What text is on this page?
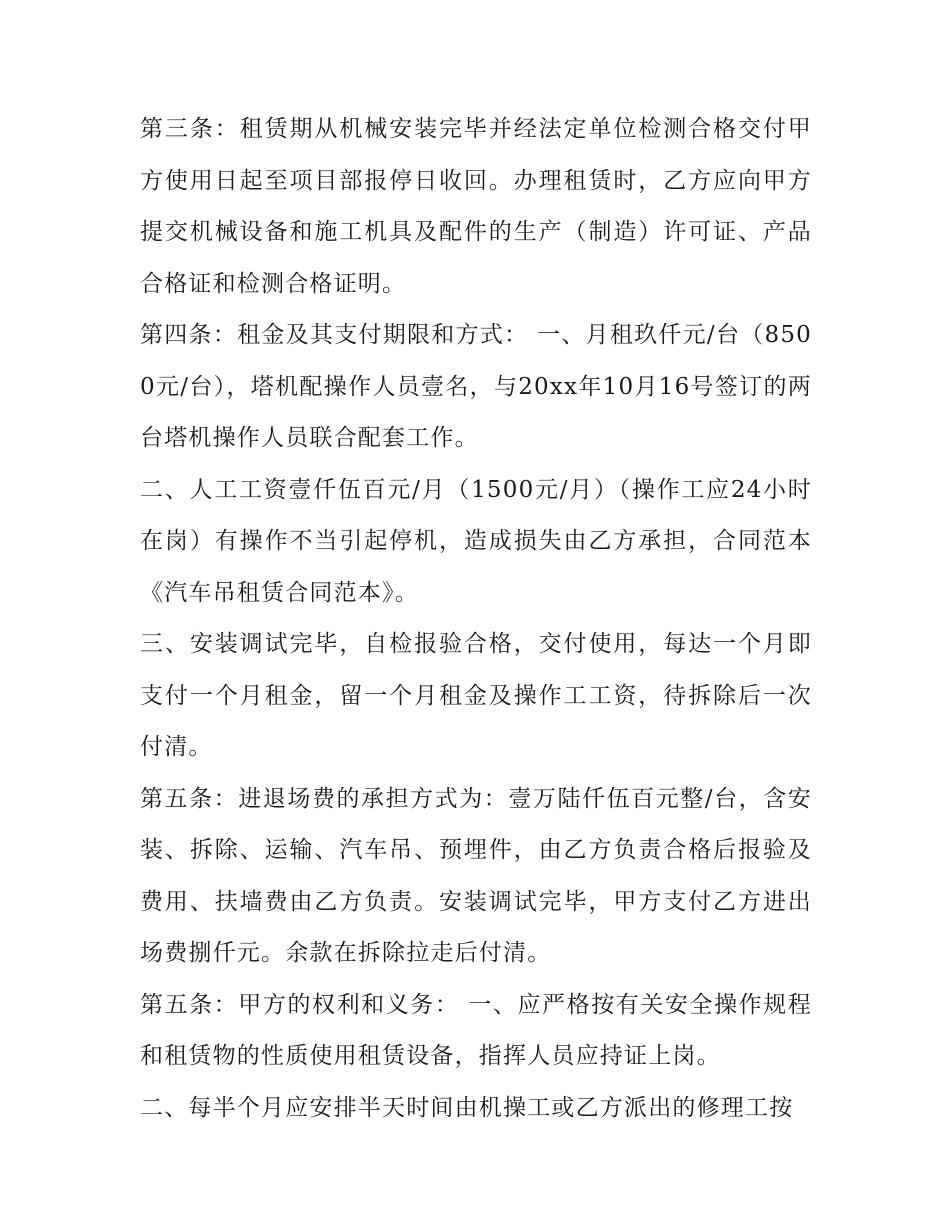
第三条：租赁期从机械安装完毕并经法定单位检测合格交付甲方使用日起至项目部报停日收回。办理租赁时，乙方应向甲方提交机械设备和施工机具及配件的生产（制造）许可证、产品合格证和检测合格证明。

第四条：租金及其支付期限和方式： 一、月租玖仟元/台（8500元/台），塔机配操作人员壹名，与20xx年10月16号签订的两台塔机操作人员联合配套工作。

二、人工工资壹仟伍百元/月（1500元/月）（操作工应24小时在岗）有操作不当引起停机，造成损失由乙方承担，合同范本《汽车吊租赁合同范本》。

三、安装调试完毕，自检报验合格，交付使用，每达一个月即支付一个月租金，留一个月租金及操作工工资，待拆除后一次付清。

第五条：进退场费的承担方式为：壹万陆仟伍百元整/台，含安装、拆除、运输、汽车吊、预埋件，由乙方负责合格后报验及费用、扶墙费由乙方负责。安装调试完毕，甲方支付乙方进出场费捌仟元。余款在拆除拉走后付清。

第五条：甲方的权利和义务： 一、应严格按有关安全操作规程和租赁物的性质使用租赁设备，指挥人员应持证上岗。

二、每半个月应安排半天时间由机操工或乙方派出的修理工按
